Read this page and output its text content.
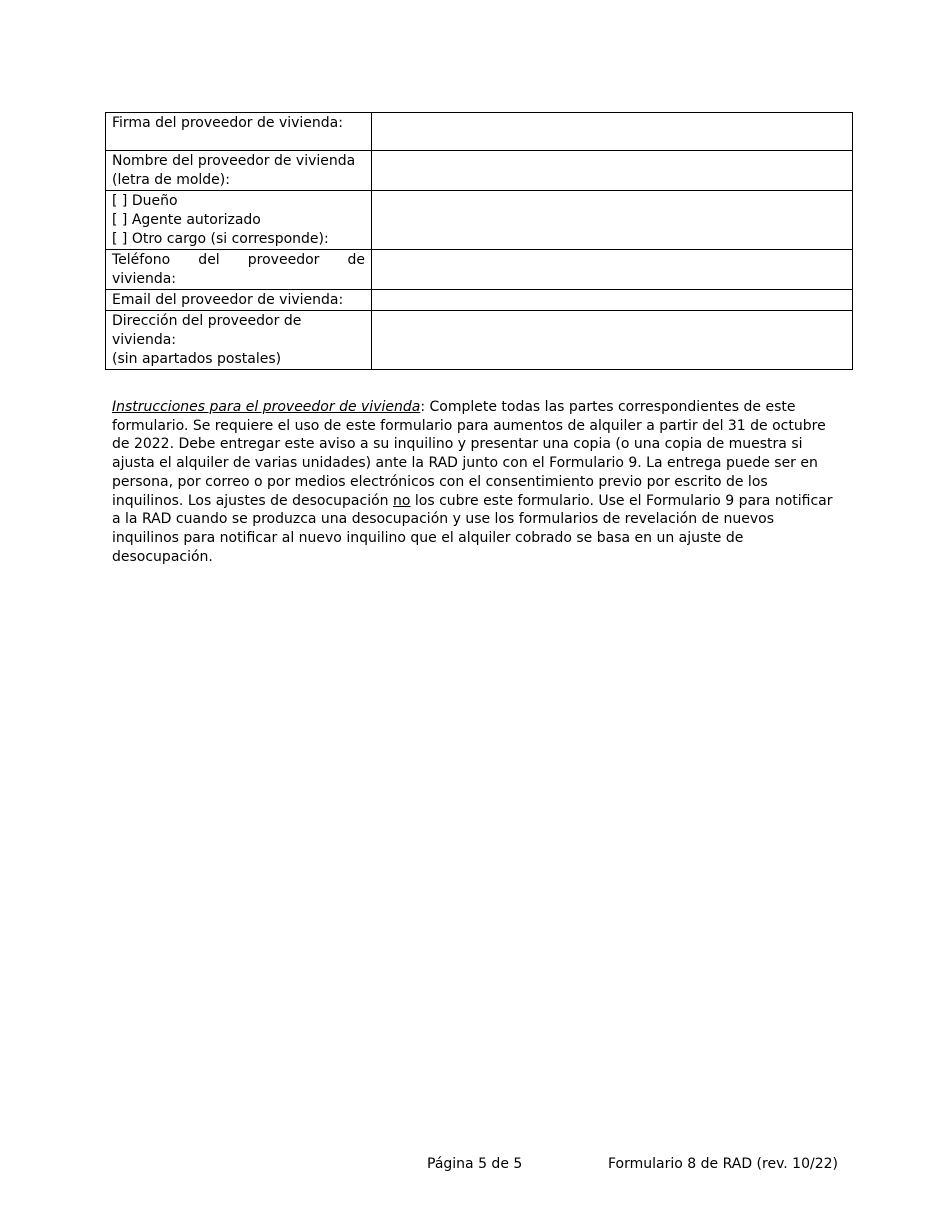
Firma del proveedor de vivienda:	

Nombre del proveedor de vivienda
(letra de molde):	

[ ] Dueño
[ ] Agente autorizado
[ ] Otro cargo (si corresponde):	

Teléfono del proveedor de
vivienda:	

Email del proveedor de vivienda:	

Dirección del proveedor de
vivienda:
(sin apartados postales)	

Instrucciones para el proveedor de vivienda: Complete todas las partes correspondientes de este formulario. Se requiere el uso de este formulario para aumentos de alquiler a partir del 31 de octubre de 2022. Debe entregar este aviso a su inquilino y presentar una copia (o una copia de muestra si ajusta el alquiler de varias unidades) ante la RAD junto con el Formulario 9. La entrega puede ser en persona, por correo o por medios electrónicos con el consentimiento previo por escrito de los inquilinos. Los ajustes de desocupación no los cubre este formulario. Use el Formulario 9 para notificar a la RAD cuando se produzca una desocupación y use los formularios de revelación de nuevos inquilinos para notificar al nuevo inquilino que el alquiler cobrado se basa en un ajuste de desocupación.
Página 5 de 5	Formulario 8 de RAD (rev. 10/22)
